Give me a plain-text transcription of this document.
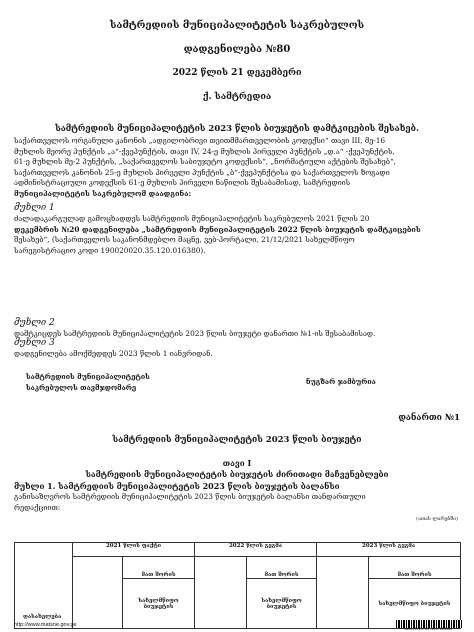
სამტრედიის მუნიციპალიტეტის საკრებულოს
დადგენილება №80
2022 წლის 21 დეკემბერი
ქ. სამტრედია
სამტრედიის მუნიციპალიტეტის 2023 წლის ბიუჯეტის დამტკიცების შესახებ.
საქართველოს ორგანული კანონის „ადგილობრივი თვითმმართველობის კოდექსი“ თავი III, მე-16
მუხლის მეორე პუნქტის „ა“-ქვეპუნქტის, თავი IV, 24-ე მუხლის პირველი პუნქტის „დ.ა“ -ქვეპუნქტის,
61-ე მუხლის მე-2 პუნქტის, „საქართველოს საბიუჯეტო კოდექსის“, „ნორმატიული აქტების შესახებ“,
საქართველოს კანონის 25-ე მუხლის პირველი პუნქტის „ბ“-ქვეპუნქტისა და საქართველოს ზოგადი
ადმინისტრაციული კოდექსის 61-ე მუხლის პირველი ნაწილის შესაბამისად, სამტრედიის
მუნიციპალიტეტის საკრებულომ დაადგინა:
მუხლი 1
ძალადაკარგულად გამოცხადდეს სამტრედიის მუნიციპალიტეტის საკრებულოს 2021 წლის 20
დეკემბრის №20 დადგენილება „სამტრედიის მუნიციპალიტეტის 2022 წლის ბიუჯეტის დამტკიცების
შესახებ“, (საქართველოს საკანონმდებლო მაცნე, ვებ-პორტალი, 21/12/2021 სახელმწიფო
სარეგისტრაციო კოდი 190020020.35.120.016380).
მუხლი 2
დამტკიცდეს სამტრედიის მუნიციპალიტეტის 2023 წლის ბიუჯეტი დანართი №1-ის შესაბამისად.
მუხლი 3
დადგენილება ამოქმედდეს 2023 წლის 1 იანვრიდან.
სამტრედიის მუნიციპალიტეტის
საკრებულოს თავმჯდომარე
ნუგზარ ჯამბურია
დანართი №1
სამტრედიის მუნიციპალიტეტის 2023 წლის ბიუჯეტი
თავი I
სამტრედიის მუნიციპალიტეტის ბიუჯეტის ძირითადი მაჩვენებლები
მუხლი 1. სამტრედიის მუნიციპალიტეტის 2023 წლის ბიუჯეტის ბალანსი
განისაზღვროს სამტრედიის მუნიციპალიტეტის 2023 წლის ბიუჯეტის ბალანსი თანდართული
რედაქციით:
(ათას ლარებში)
დასახელება	2021 წლის ფაქტი		2022 წლის გეგმა		2023 წლის გეგმა	
		მათ შორის		მათ შორის		მათ შორის
		სახელმწიფო ბიუჯეტის		სახელმწიფო ბიუჯეტის		სახელმწიფო ბიუჯეტის
http://www.matsne.gov.ge
190020020.35.120.016380
